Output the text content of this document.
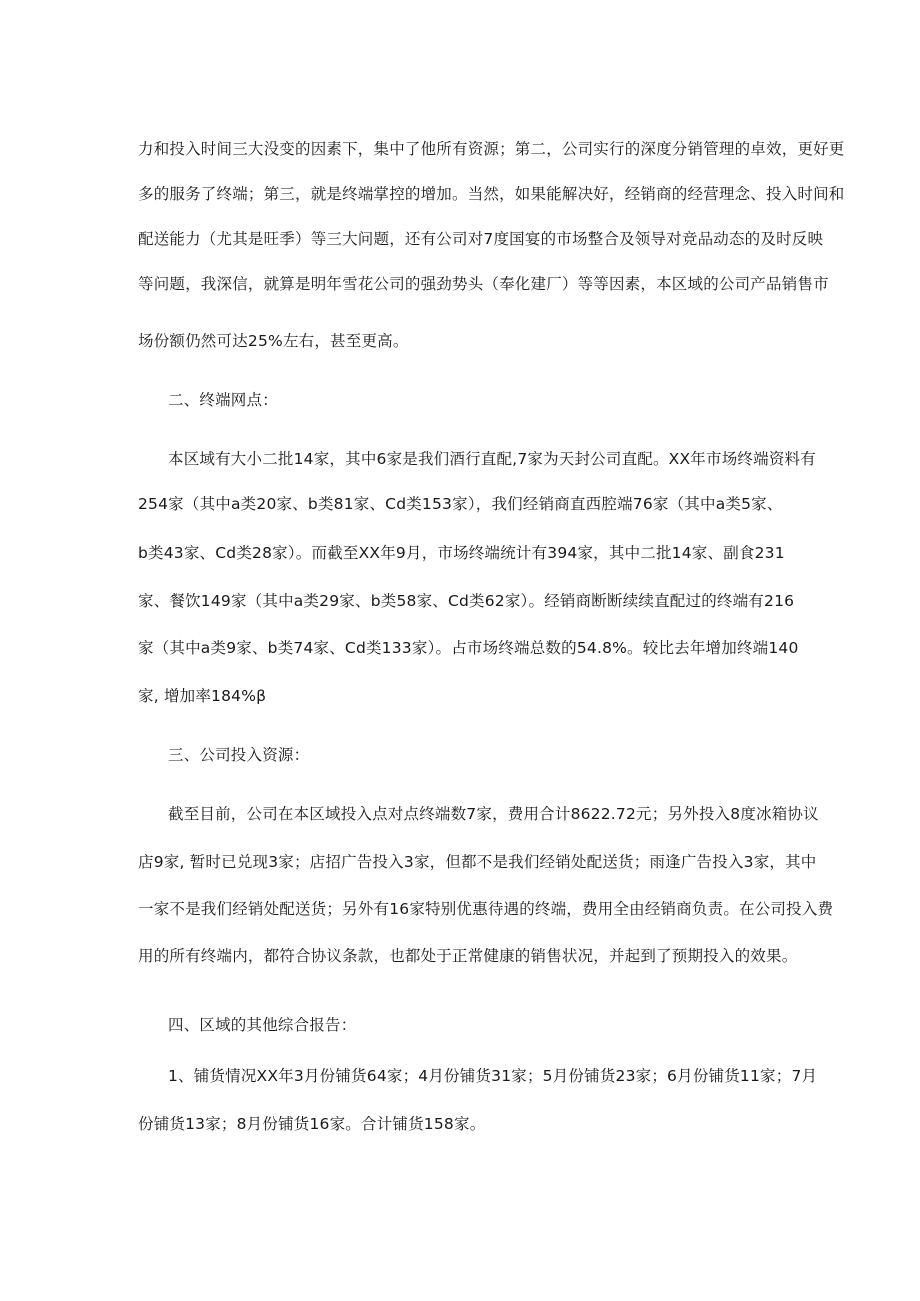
力和投入时间三大没变的因素下，集中了他所有资源；第二，公司实行的深度分销管理的卓效，更好更
多的服务了终端；第三，就是终端掌控的增加。当然，如果能解决好，经销商的经营理念、投入时间和
配送能力（尤其是旺季）等三大问题，还有公司对7度国宴的市场整合及领导对竞品动态的及时反映
等问题，我深信，就算是明年雪花公司的强劲势头（奉化建厂）等等因素，本区域的公司产品销售市
场份额仍然可达25%左右，甚至更高。
二、终端网点：
本区域有大小二批14家，其中6家是我们酒行直配,7家为天封公司直配。XX年市场终端资料有
254家（其中a类20家、b类81家、Cd类153家），我们经销商直西腔端76家（其中a类5家、
b类43家、Cd类28家）。而截至XX年9月，市场终端统计有394家，其中二批14家、副食231
家、餐饮149家（其中a类29家、b类58家、Cd类62家）。经销商断断续续直配过的终端有216
家（其中a类9家、b类74家、Cd类133家）。占市场终端总数的54.8%。较比去年增加终端140
家, 增加率184%β
三、公司投入资源：
截至目前，公司在本区域投入点对点终端数7家，费用合计8622.72元；另外投入8度冰箱协议
店9家, 暂时已兑现3家；店招广告投入3家，但都不是我们经销处配送货；雨逢广告投入3家，其中
一家不是我们经销处配送货；另外有16家特别优惠待遇的终端，费用全由经销商负责。在公司投入费
用的所有终端内，都符合协议条款，也都处于正常健康的销售状况，并起到了预期投入的效果。
四、区域的其他综合报告：
1、铺货情况XX年3月份铺货64家；4月份铺货31家；5月份铺货23家；6月份铺货11家；7月
份铺货13家；8月份铺货16家。合计铺货158家。
